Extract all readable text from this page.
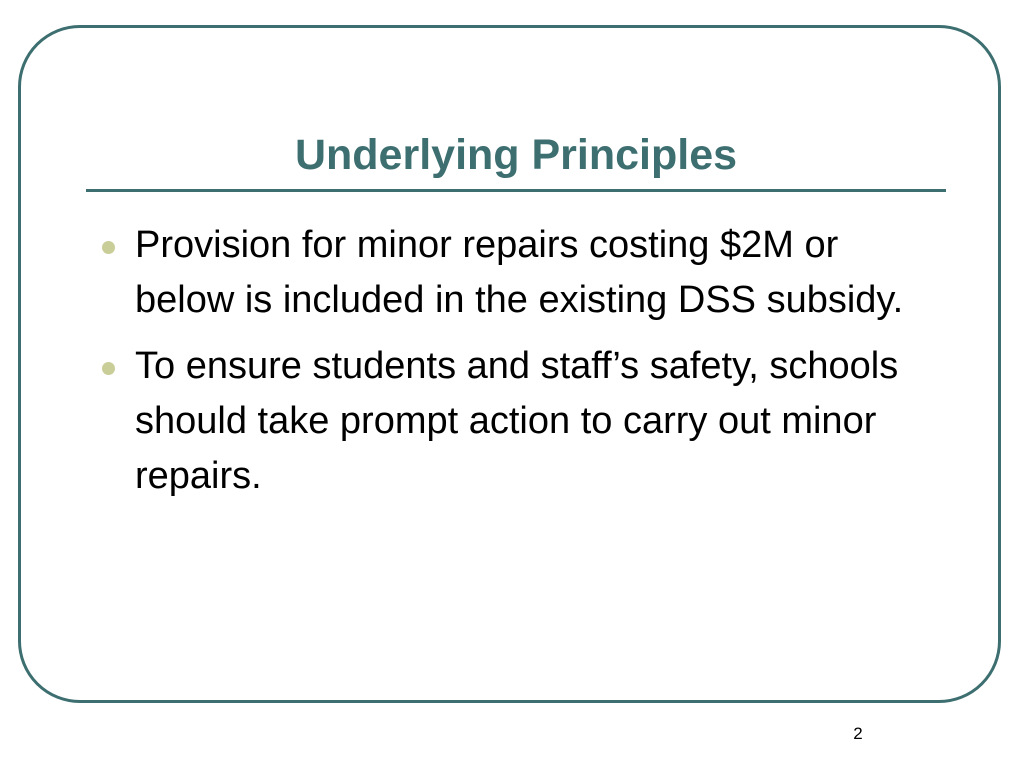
Underlying Principles
Provision for minor repairs costing $2M or below is included in the existing DSS subsidy.
To ensure students and staff’s safety, schools should take prompt action to carry out minor repairs.
2
